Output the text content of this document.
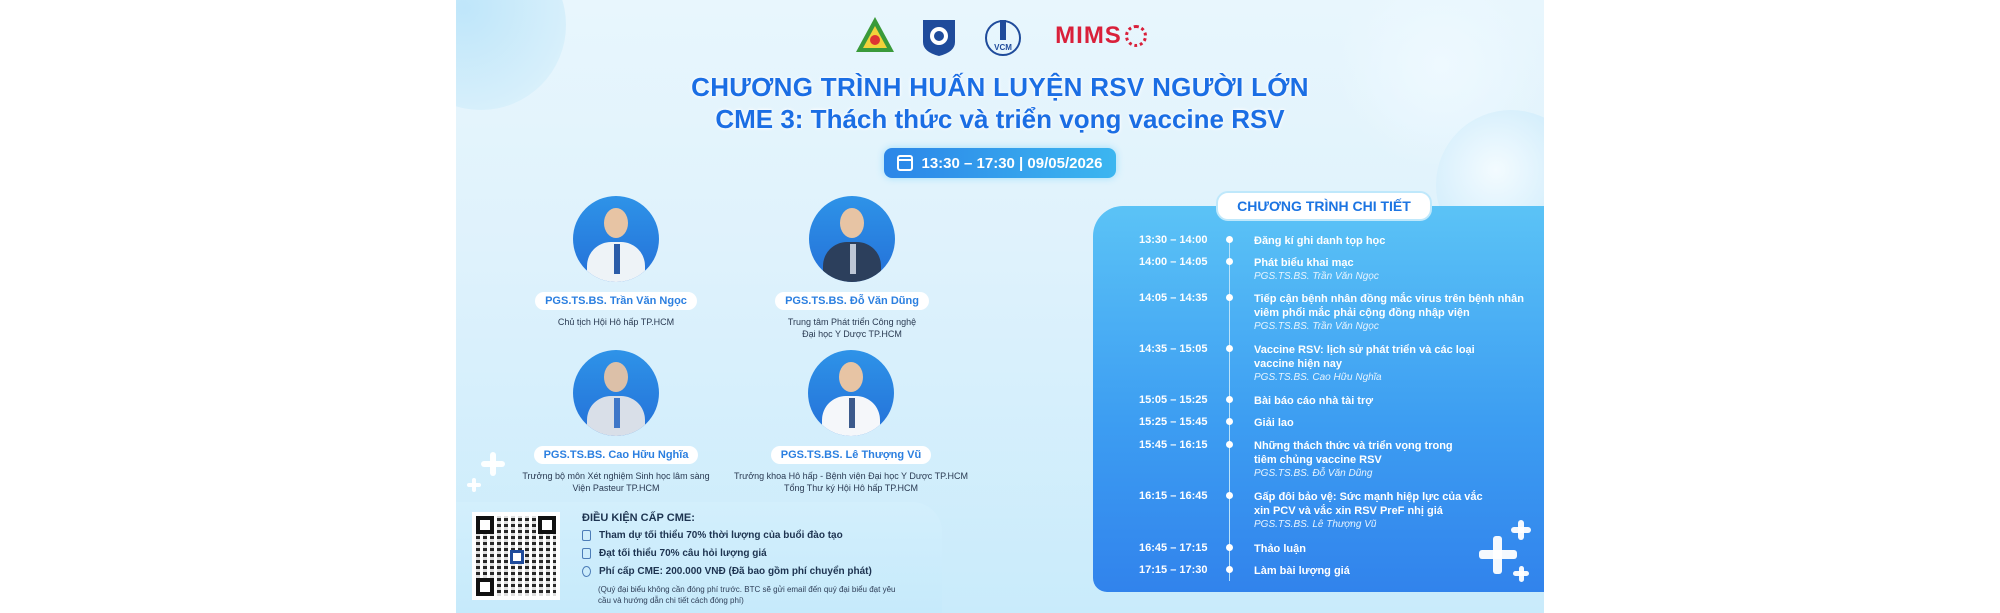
VCM MIMS
CHƯƠNG TRÌNH HUẤN LUYỆN RSV NGƯỜI LỚN
CME 3: Thách thức và triển vọng vaccine RSV
13:30 – 17:30 | 09/05/2026
PGS.TS.BS. Trần Văn Ngọc
Chủ tịch Hội Hô hấp TP.HCM
PGS.TS.BS. Đỗ Văn Dũng
Trung tâm Phát triển Công nghệ
Đại học Y Dược TP.HCM
PGS.TS.BS. Cao Hữu Nghĩa
Trưởng bộ môn Xét nghiệm Sinh học lâm sàng
Viện Pasteur TP.HCM
PGS.TS.BS. Lê Thượng Vũ
Trưởng khoa Hô hấp - Bệnh viện Đại học Y Dược TP.HCM
Tổng Thư ký Hội Hô hấp TP.HCM
13:30 – 14:00	Đăng kí ghi danh tọp học
14:00 – 14:05	Phát biểu khai mạc
PGS.TS.BS. Trần Văn Ngọc
14:05 – 14:35	Tiếp cận bệnh nhân đồng mắc virus trên bệnh nhân viêm phổi mắc phải cộng đồng nhập viện
PGS.TS.BS. Trần Văn Ngọc
14:35 – 15:05	Vaccine RSV: lịch sử phát triển và các loại vaccine hiện nay
PGS.TS.BS. Cao Hữu Nghĩa
15:05 – 15:25	Bài báo cáo nhà tài trợ
15:25 – 15:45	Giải lao
15:45 – 16:15	Những thách thức và triển vọng trong tiêm chủng vaccine RSV
PGS.TS.BS. Đỗ Văn Dũng
16:15 – 16:45	Gấp đôi bảo vệ: Sức mạnh hiệp lực của vắc xin PCV và vắc xin RSV PreF nhị giá
PGS.TS.BS. Lê Thượng Vũ
16:45 – 17:15	Thảo luận
17:15 – 17:30	Làm bài lượng giá
CHƯƠNG TRÌNH CHI TIẾT
ĐIỀU KIỆN CẤP CME:
Tham dự tối thiểu 70% thời lượng của buổi đào tạo
Đạt tối thiểu 70% câu hỏi lượng giá
Phí cấp CME: 200.000 VNĐ (Đã bao gồm phí chuyển phát)
(Quý đại biểu không cần đóng phí trước. BTC sẽ gửi email đến quý đại biểu đạt yêu cầu và hướng dẫn chi tiết cách đóng phí)
